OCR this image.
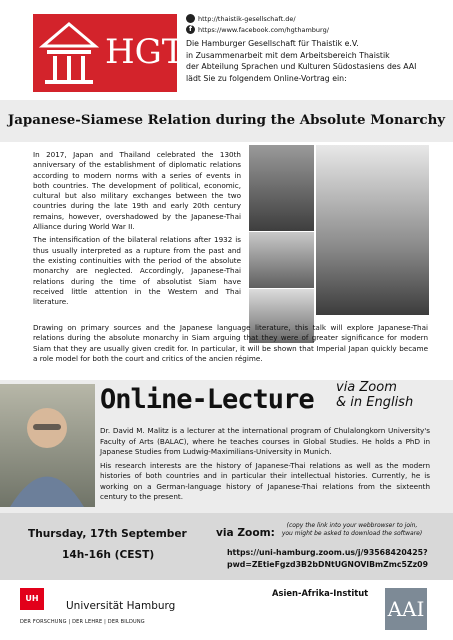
HGT
http://thaistik-gesellschaft.de/

f https://www.facebook.com/hgthamburg/
Die Hamburger Gesellschaft für Thaistik e.V.
in Zusammenarbeit mit dem Arbeitsbereich Thaistik
der Abteilung Sprachen und Kulturen Südostasiens des AAI
lädt Sie zu folgendem Online-Vortrag ein:
Japanese-Siamese Relation during the Absolute Monarchy

In 2017, Japan and Thailand celebrated the 130th anniversary of the establishment of diplomatic relations according to modern norms with a series of events in both countries. The development of political, economic, cultural but also military exchanges between the two countries during the late 19th and early 20th century remains, however, overshadowed by the Japanese-Thai Alliance during World War II.

The intensification of the bilateral relations after 1932 is thus usually interpreted as a rupture from the past and the existing continuities with the period of the absolute monarchy are neglected. Accordingly, Japanese-Thai relations during the time of absolutist Siam have received little attention in the Western and Thai literature.

Drawing on primary sources and the Japanese language literature, this talk will explore Japanese-Thai relations during the absolute monarchy in Siam arguing that they were of greater significance for modern Siam that they are usually given credit for. In particular, it will be shown that Imperial Japan quickly became a role model for both the court and critics of the ancien régime.

Online-Lecture via Zoom
& in English

Dr. David M. Malitz is a lecturer at the international program of Chulalongkorn University's Faculty of Arts (BALAC), where he teaches courses in Global Studies. He holds a PhD in Japanese Studies from Ludwig-Maximilians-University in Munich.

His research interests are the history of Japanese-Thai relations as well as the modern histories of both countries and in particular their intellectual histories. Currently, he is working on a German-language history of Japanese-Thai relations from the sixteenth century to the present.

Thursday, 17th September
14h-16h (CEST)
via Zoom:
(copy the link into your webbrowser to join,
you might be asked to download the software)
https://uni-hamburg.zoom.us/j/93568420425?
pwd=ZEtieFgzd3B2bDNtUGNOVlBmZmc5Zz09
UH
Universität Hamburg
DER FORSCHUNG | DER LEHRE | DER BILDUNG
Asien-Afrika-Institut
AAI
